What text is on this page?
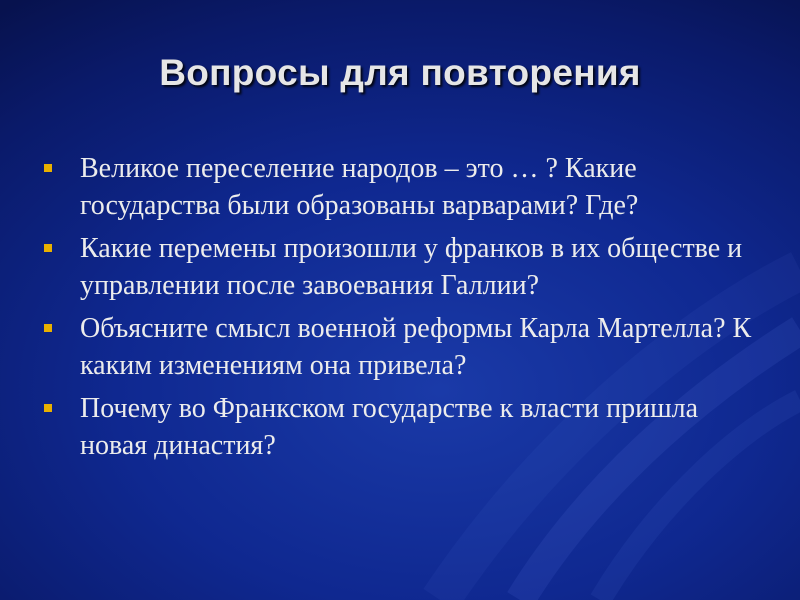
Вопросы для повторения
Великое переселение народов – это … ? Какие государства были образованы варварами? Где?
Какие перемены произошли у франков в их обществе и управлении после завоевания Галлии?
Объясните смысл военной реформы Карла Мартелла? К каким изменениям она привела?
Почему во Франкском государстве к власти пришла новая династия?
